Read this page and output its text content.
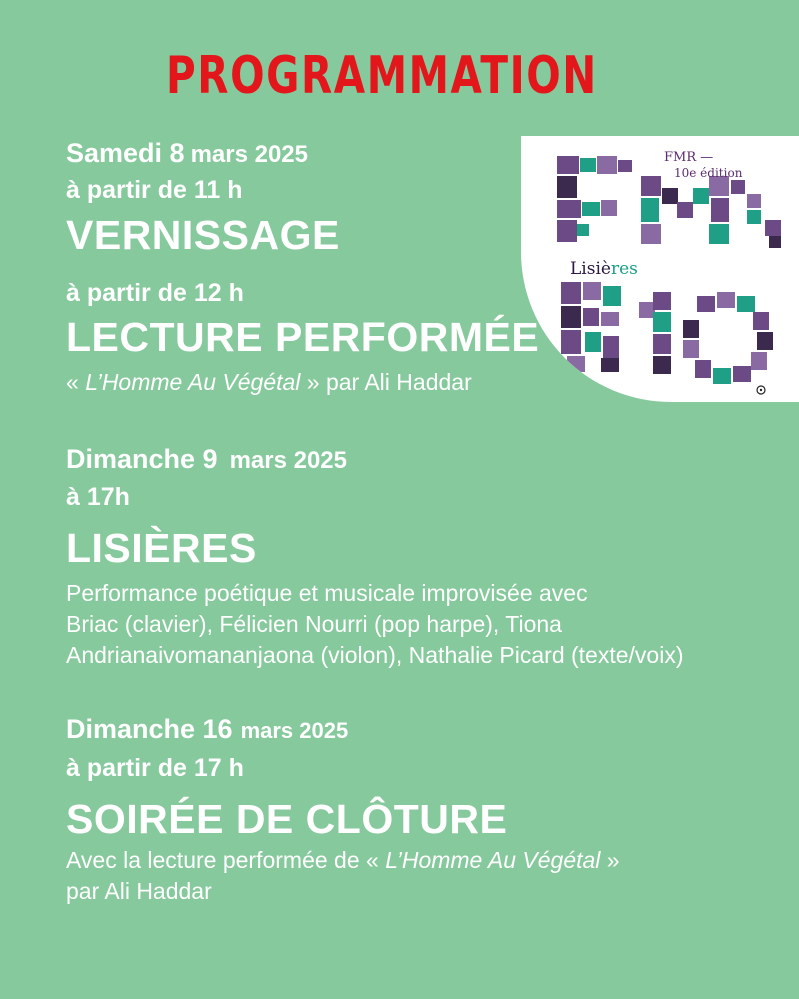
PROGRAMMATION
Samedi 8 mars 2025
à partir de 11 h
VERNISSAGE
à partir de 12 h
LECTURE PERFORMÉE
« L’Homme Au Végétal » par Ali Haddar
Dimanche 9 mars 2025
à 17h
LISIÈRES
Performance poétique et musicale improvisée avec
Briac (clavier), Félicien Nourri (pop harpe), Tiona
Andrianaivomananjaona (violon), Nathalie Picard (texte/voix)
Dimanche 16 mars 2025
à partir de 17 h
SOIRÉE DE CLÔTURE
Avec la lecture performée de « L’Homme Au Végétal »
par Ali Haddar
FMR —
10e édition
Lisières
